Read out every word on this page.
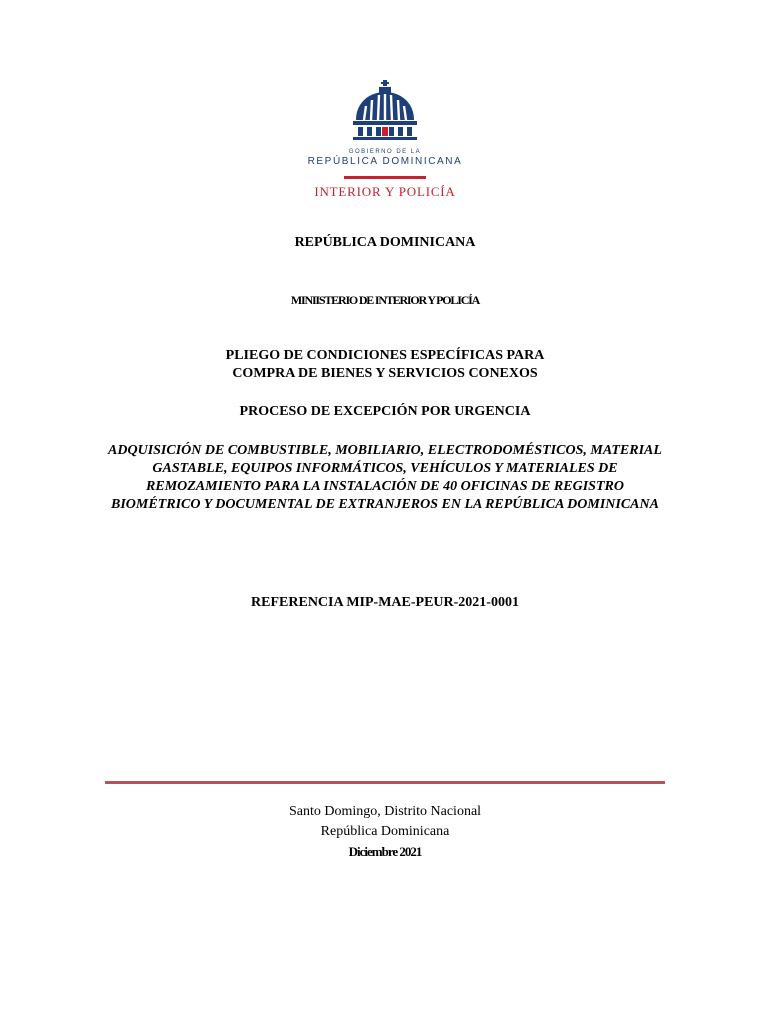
GOBIERNO DE LA
REPÚBLICA DOMINICANA
INTERIOR Y POLICÍA
REPÚBLICA DOMINICANA
MINIISTERIO DE INTERIOR Y POLICÍA
PLIEGO DE CONDICIONES ESPECÍFICAS PARA
COMPRA DE BIENES Y SERVICIOS CONEXOS
PROCESO DE EXCEPCIÓN POR URGENCIA
ADQUISICIÓN DE COMBUSTIBLE, MOBILIARIO, ELECTRODOMÉSTICOS, MATERIAL GASTABLE, EQUIPOS INFORMÁTICOS, VEHÍCULOS Y MATERIALES DE REMOZAMIENTO PARA LA INSTALACIÓN DE 40 OFICINAS DE REGISTRO BIOMÉTRICO Y DOCUMENTAL DE EXTRANJEROS EN LA REPÚBLICA DOMINICANA
REFERENCIA MIP-MAE-PEUR-2021-0001
Santo Domingo, Distrito Nacional
República Dominicana
Diciembre 2021
